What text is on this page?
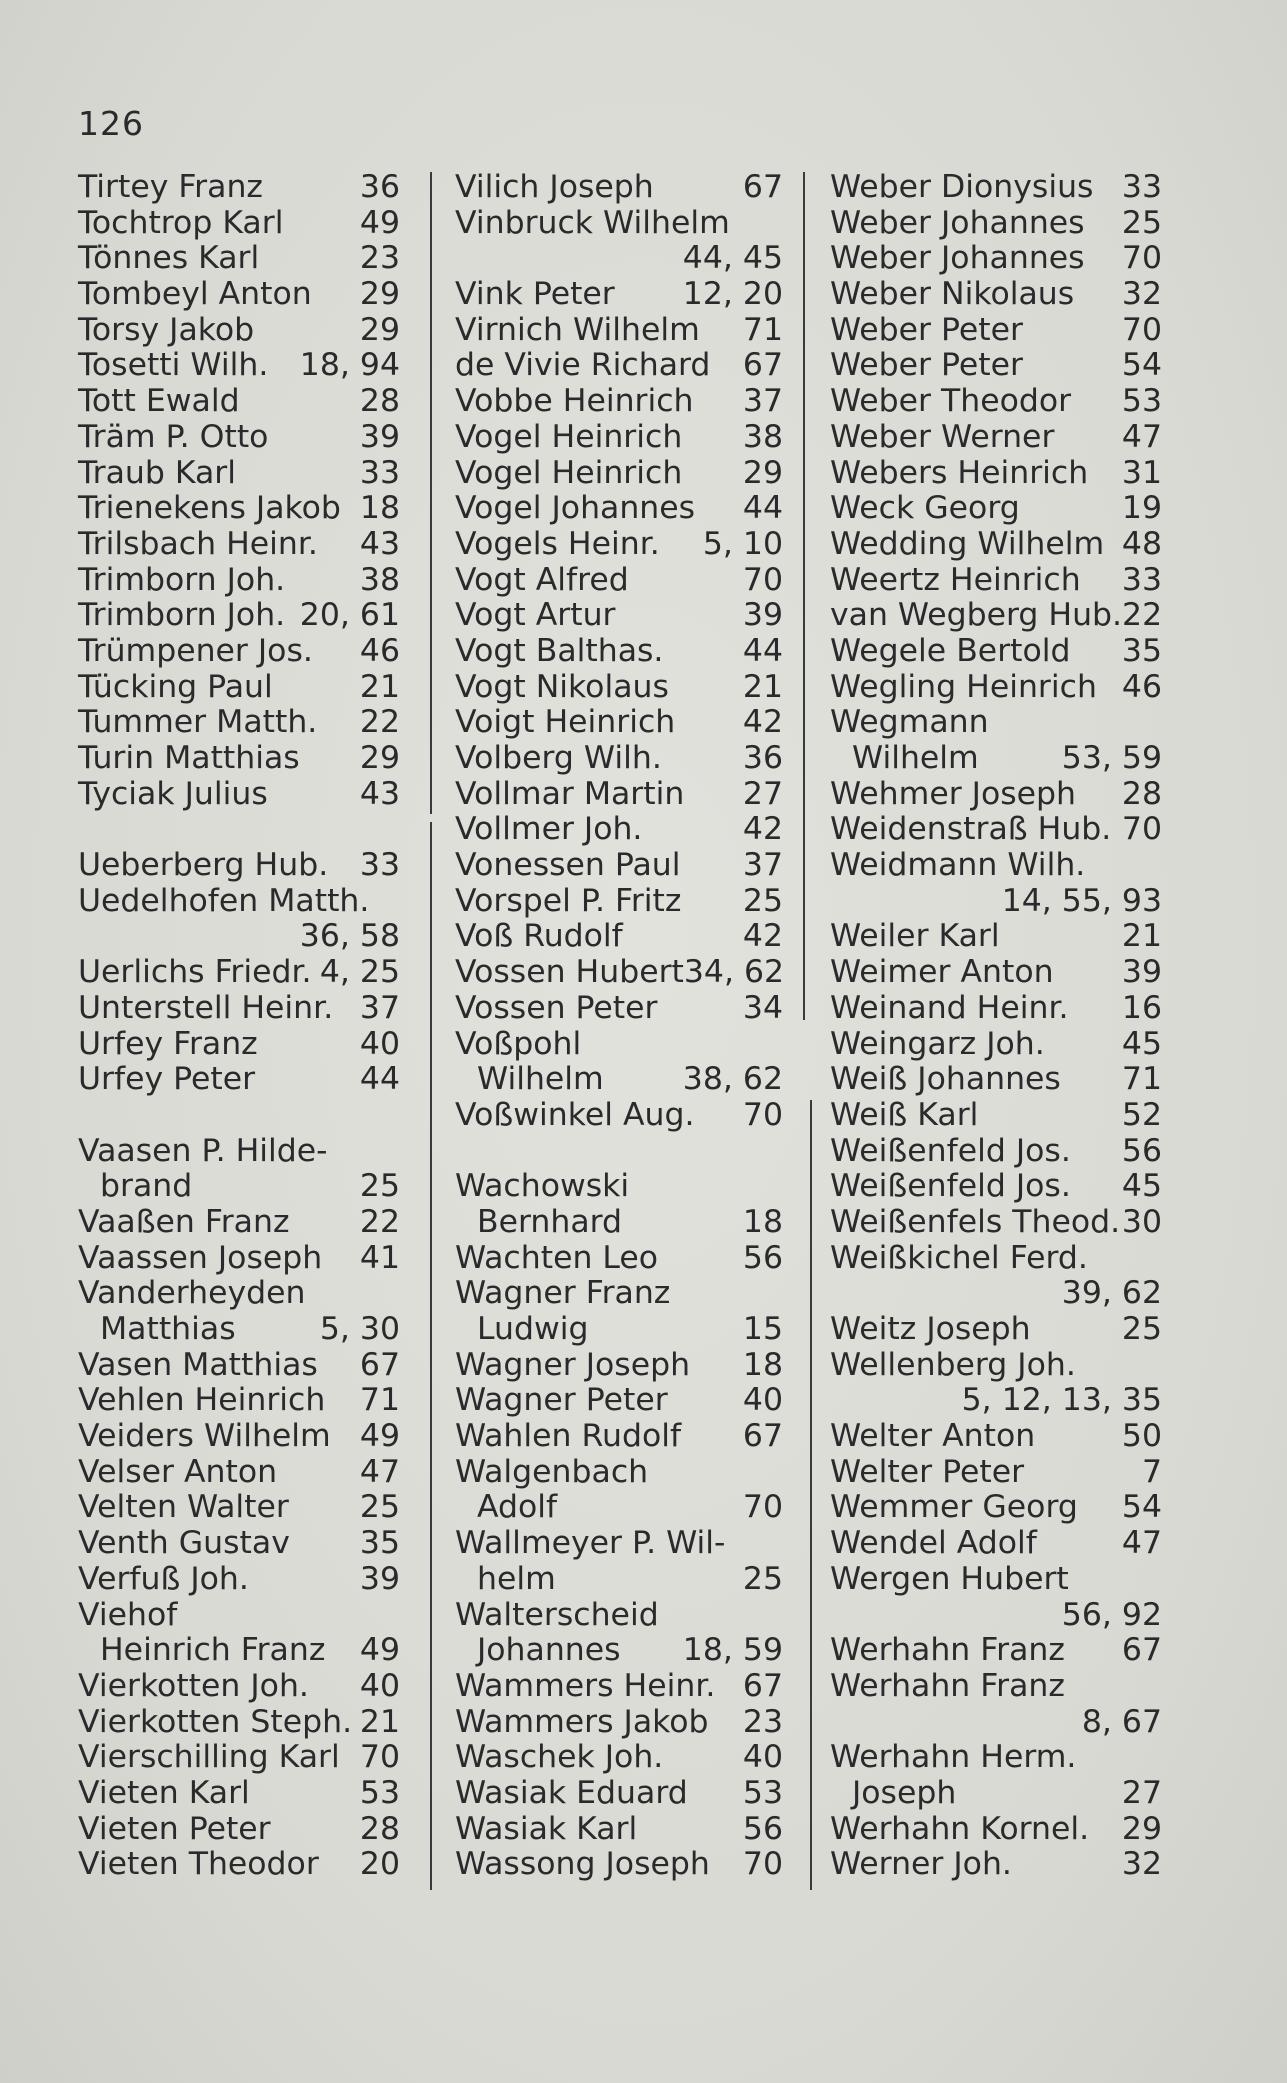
126
Tirtey Franz	36
Tochtrop Karl 49
Tönnes Karl	23
Tombeyl Anton 29
Torsy Jakob	29
Tosetti Wilh. 18, 94
Tott Ewald	28
Träm P. Otto	39
Traub Karl	33
Trienekens Jakob 18
Trilsbach Heinr. 43
Trimborn Joh. 38
Trimborn Joh. 20, 61
Trümpener Jos. 46
Tücking Paul	21
Tummer Matth. 22
Turin Matthias 29
Tyciak Julius	43
Ueberberg Hub. 33
Uedelhofen Matth.
36, 58
Uerlichs Friedr. 4, 25
Unterstell Heinr. 37
Urfey Franz	40
Urfey Peter	44
Vaasen P. Hilde-
brand	25
Vaaßen Franz 22
Vaassen Joseph 41
Vanderheyden
Matthias	5, 30
Vasen Matthias 67
Vehlen Heinrich 71
Veiders Wilhelm 49
Velser Anton	47
Velten Walter 25
Venth Gustav 35
Verfuß Joh.	39
Viehof
Heinrich Franz 49
Vierkotten Joh. 40
Vierkotten Steph. 21
Vierschilling Karl 70
Vieten Karl	53
Vieten Peter	28
Vieten Theodor 20
Vilich Joseph	67
Vinbruck Wilhelm
44, 45
Vink Peter 12, 20
Virnich Wilhelm 71
de Vivie Richard 67
Vobbe Heinrich 37
Vogel Heinrich 38
Vogel Heinrich 29
Vogel Johannes 44
Vogels Heinr. 5, 10
Vogt Alfred	70
Vogt Artur	39
Vogt Balthas.	44
Vogt Nikolaus 21
Voigt Heinrich 42
Volberg Wilh.	36
Vollmar Martin 27
Vollmer Joh.	42
Vonessen Paul 37
Vorspel P. Fritz 25
Voß Rudolf	42
Vossen Hubert 34, 62
Vossen Peter	34
Voßpohl
Wilhelm	38, 62
Voßwinkel Aug. 70
Wachowski
Bernhard	18
Wachten Leo	56
Wagner Franz
Ludwig	15
Wagner Joseph 18
Wagner Peter 40
Wahlen Rudolf 67
Walgenbach
Adolf	70
Wallmeyer P. Wil-
helm	25
Walterscheid
Johannes 18, 59
Wammers Heinr. 67
Wammers Jakob 23
Waschek Joh.	40
Wasiak Eduard 53
Wasiak Karl	56
Wassong Joseph 70
Weber Dionysius 33
Weber Johannes 25
Weber Johannes 70
Weber Nikolaus 32
Weber Peter	70
Weber Peter	54
Weber Theodor 53
Weber Werner 47
Webers Heinrich 31
Weck Georg	19
Wedding Wilhelm 48
Weertz Heinrich 33
van Wegberg Hub. 22
Wegele Bertold 35
Wegling Heinrich 46
Wegmann
Wilhelm	53, 59
Wehmer Joseph 28
Weidenstraß Hub. 70
Weidmann Wilh.
14, 55, 93
Weiler Karl	21
Weimer Anton 39
Weinand Heinr. 16
Weingarz Joh. 45
Weiß Johannes 71
Weiß Karl	52
Weißenfeld Jos. 56
Weißenfeld Jos. 45
Weißenfels Theod. 30
Weißkichel Ferd.
39, 62
Weitz Joseph	25
Wellenberg Joh.
5, 12, 13, 35
Welter Anton	50
Welter Peter	7
Wemmer Georg 54
Wendel Adolf	47
Wergen Hubert
56, 92
Werhahn Franz 67
Werhahn Franz
8, 67
Werhahn Herm.
Joseph	27
Werhahn Kornel. 29
Werner Joh.	32
